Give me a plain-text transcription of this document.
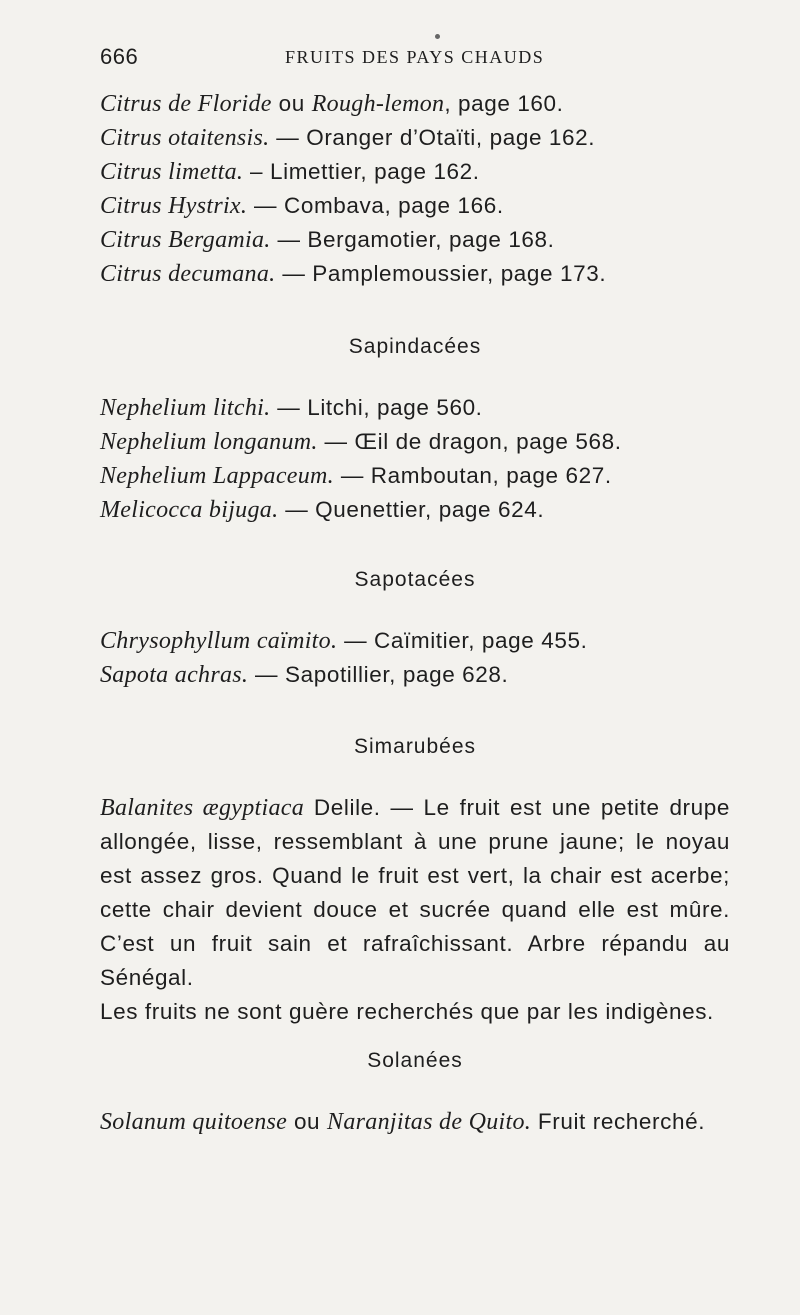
666	FRUITS DES PAYS CHAUDS

Citrus de Floride ou Rough-lemon, page 160.

Citrus otaitensis. — Oranger d’Otaïti, page 162.

Citrus limetta. – Limettier, page 162.

Citrus Hystrix. — Combava, page 166.

Citrus Bergamia. — Bergamotier, page 168.

Citrus decumana. — Pamplemoussier, page 173.

Sapindacées

Nephelium litchi. — Litchi, page 560.

Nephelium longanum. — Œil de dragon, page 568.

Nephelium Lappaceum. — Ramboutan, page 627.

Melicocca bijuga. — Quenettier, page 624.

Sapotacées

Chrysophyllum caïmito. — Caïmitier, page 455.

Sapota achras. — Sapotillier, page 628.

Simarubées

Balanites ægyptiaca Delile. — Le fruit est une petite drupe allongée, lisse, ressemblant à une prune jaune; le noyau est assez gros. Quand le fruit est vert, la chair est acerbe; cette chair devient douce et sucrée quand elle est mûre. C’est un fruit sain et rafraîchissant. Arbre répandu au Sénégal.

Les fruits ne sont guère recherchés que par les indigènes.

Solanées

Solanum quitoense ou Naranjitas de Quito. Fruit recherché.
